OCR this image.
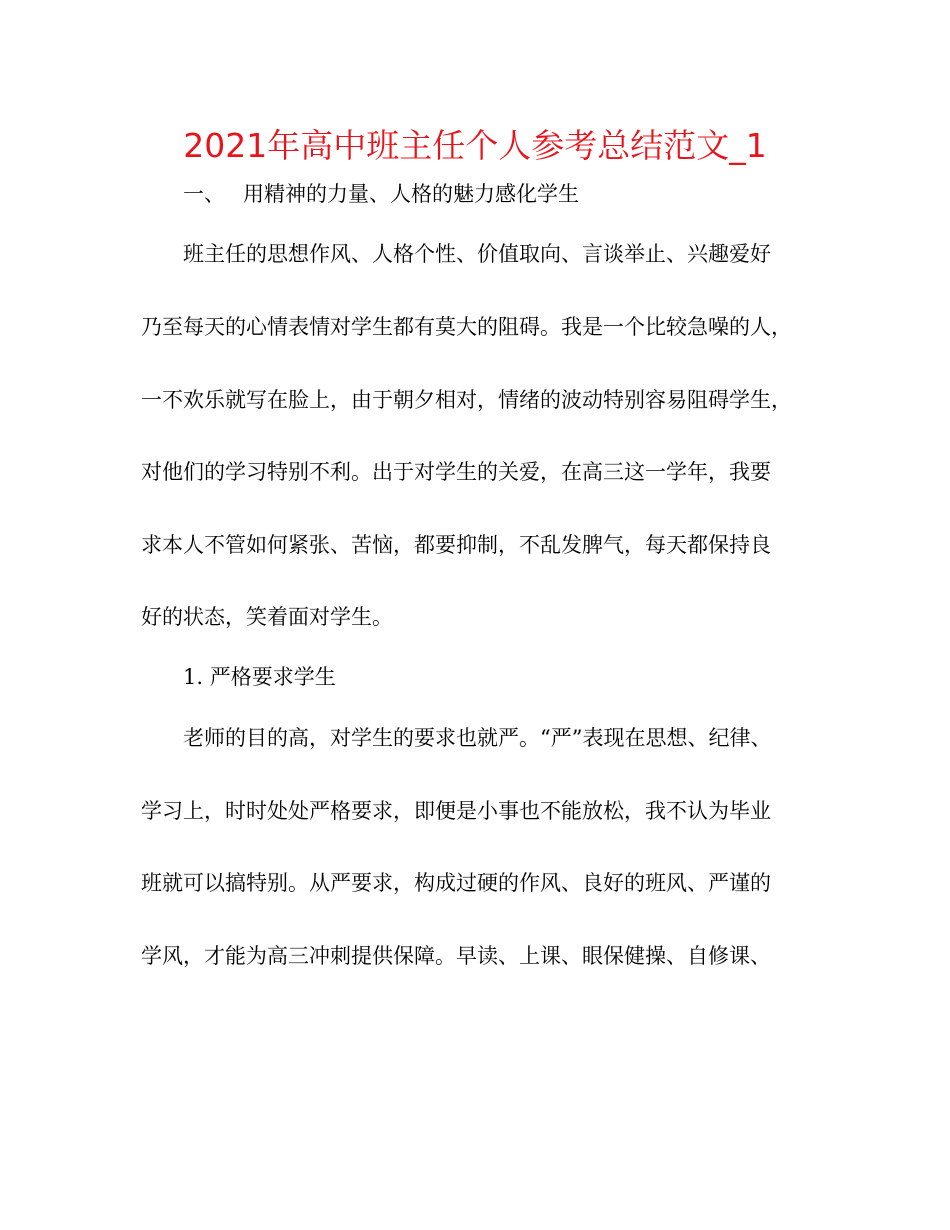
2021年高中班主任个人参考总结范文_1
一、 用精神的力量、人格的魅力感化学生
班主任的思想作风、人格个性、价值取向、言谈举止、兴趣爱好
乃至每天的心情表情对学生都有莫大的阻碍。我是一个比较急噪的人，
一不欢乐就写在脸上，由于朝夕相对，情绪的波动特别容易阻碍学生，
对他们的学习特别不利。出于对学生的关爱，在高三这一学年，我要
求本人不管如何紧张、苦恼，都要抑制，不乱发脾气，每天都保持良
好的状态，笑着面对学生。
1. 严格要求学生
老师的目的高，对学生的要求也就严。“严”表现在思想、纪律、
学习上，时时处处严格要求，即便是小事也不能放松，我不认为毕业
班就可以搞特别。从严要求，构成过硬的作风、良好的班风、严谨的
学风，才能为高三冲刺提供保障。早读、上课、眼保健操、自修课、
